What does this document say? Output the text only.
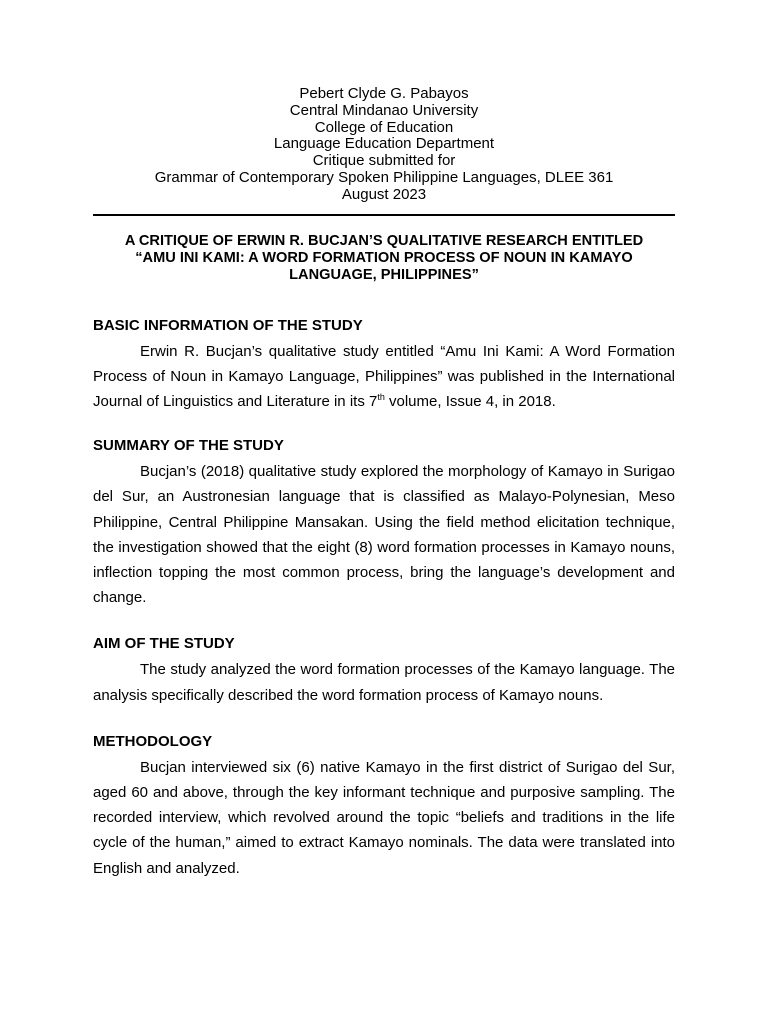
Pebert Clyde G. Pabayos
Central Mindanao University
College of Education
Language Education Department
Critique submitted for
Grammar of Contemporary Spoken Philippine Languages, DLEE 361
August 2023
A CRITIQUE OF ERWIN R. BUCJAN’S QUALITATIVE RESEARCH ENTITLED
“AMU INI KAMI: A WORD FORMATION PROCESS OF NOUN IN KAMAYO
LANGUAGE, PHILIPPINES”
BASIC INFORMATION OF THE STUDY

Erwin R. Bucjan’s qualitative study entitled “Amu Ini Kami: A Word Formation Process of Noun in Kamayo Language, Philippines” was published in the International Journal of Linguistics and Literature in its 7th volume, Issue 4, in 2018.

SUMMARY OF THE STUDY

Bucjan’s (2018) qualitative study explored the morphology of Kamayo in Surigao del Sur, an Austronesian language that is classified as Malayo-Polynesian, Meso Philippine, Central Philippine Mansakan. Using the field method elicitation technique, the investigation showed that the eight (8) word formation processes in Kamayo nouns, inflection topping the most common process, bring the language’s development and change.

AIM OF THE STUDY

The study analyzed the word formation processes of the Kamayo language. The analysis specifically described the word formation process of Kamayo nouns.

METHODOLOGY

Bucjan interviewed six (6) native Kamayo in the first district of Surigao del Sur, aged 60 and above, through the key informant technique and purposive sampling. The recorded interview, which revolved around the topic “beliefs and traditions in the life cycle of the human,” aimed to extract Kamayo nominals. The data were translated into English and analyzed.
